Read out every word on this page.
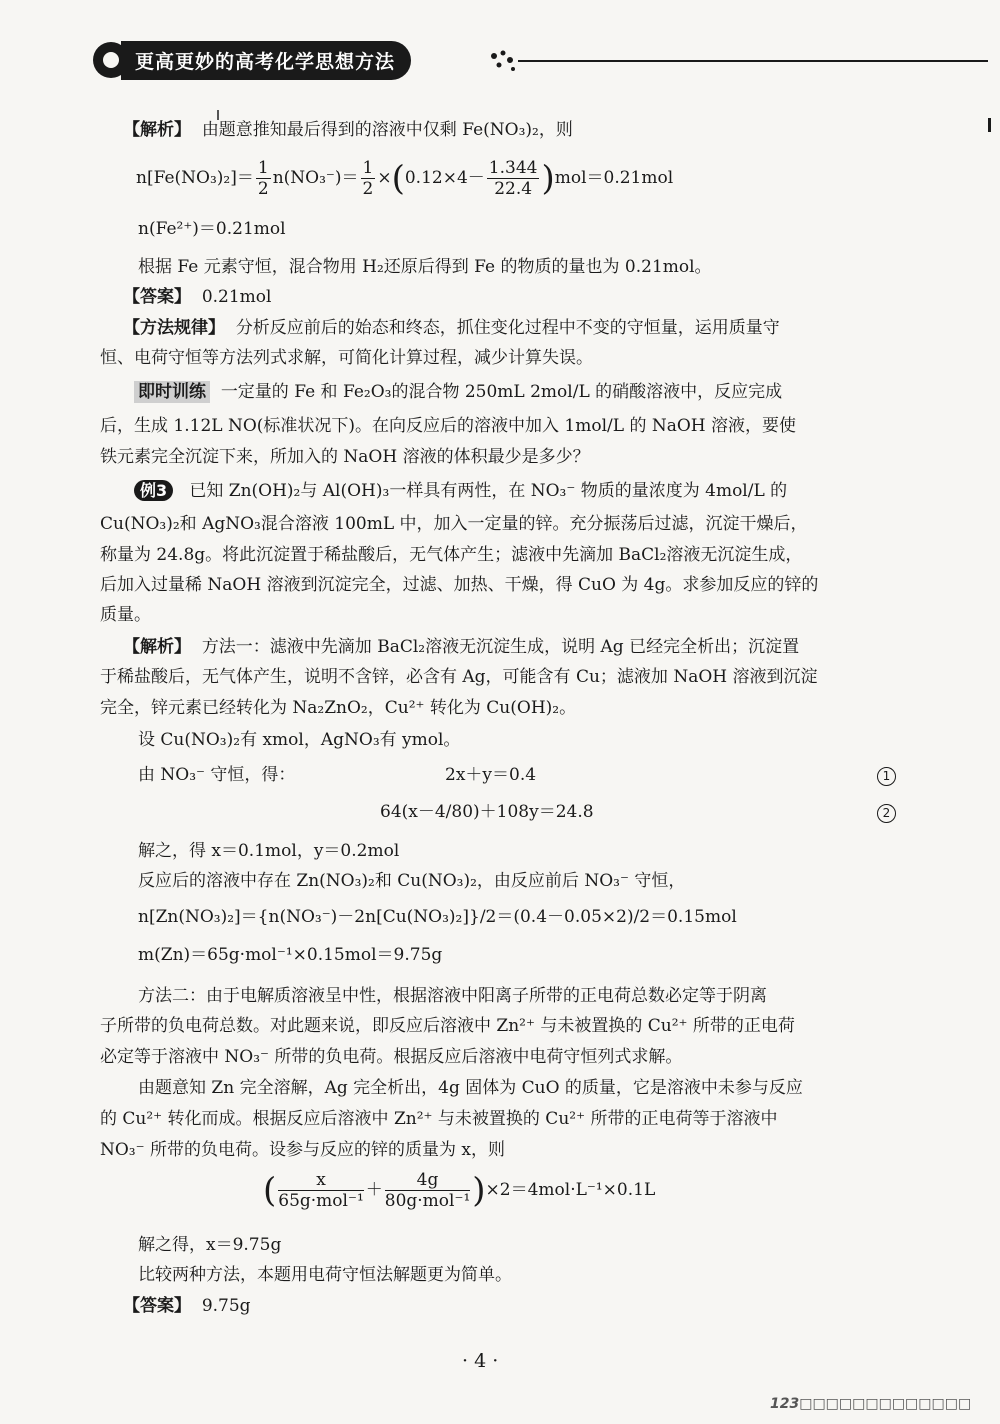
更高更妙的高考化学思想方法
【解析】 由题意推知最后得到的溶液中仅剩 Fe(NO₃)₂，则
$n[Fe(NO_3)_2]= \frac{1}{2} n(NO_3^-)= \frac{1}{2} \times(0.12\times 4- \frac{1.344}{22.4} )mol=0.21mol$
n(Fe²⁺)＝0.21mol
根据 Fe 元素守恒，混合物用 H₂还原后得到 Fe 的物质的量也为 0.21mol。
【答案】 0.21mol
【方法规律】 分析反应前后的始态和终态，抓住变化过程中不变的守恒量，运用质量守
恒、电荷守恒等方法列式求解，可简化计算过程，减少计算失误。
即时训练 一定量的 Fe 和 Fe₂O₃的混合物 250mL 2mol/L 的硝酸溶液中，反应完成
后，生成 1.12L NO(标准状况下)。在向反应后的溶液中加入 1mol/L 的 NaOH 溶液，要使
铁元素完全沉淀下来，所加入的 NaOH 溶液的体积最少是多少？
例3 已知 Zn(OH)₂与 Al(OH)₃一样具有两性，在 NO₃⁻ 物质的量浓度为 4mol/L 的
Cu(NO₃)₂和 AgNO₃混合溶液 100mL 中，加入一定量的锌。充分振荡后过滤，沉淀干燥后，
称量为 24.8g。将此沉淀置于稀盐酸后，无气体产生；滤液中先滴加 BaCl₂溶液无沉淀生成，
后加入过量稀 NaOH 溶液到沉淀完全，过滤、加热、干燥，得 CuO 为 4g。求参加反应的锌的
质量。
【解析】 方法一：滤液中先滴加 BaCl₂溶液无沉淀生成，说明 Ag 已经完全析出；沉淀置
于稀盐酸后，无气体产生，说明不含锌，必含有 Ag，可能含有 Cu；滤液加 NaOH 溶液到沉淀
完全，锌元素已经转化为 Na₂ZnO₂，Cu²⁺ 转化为 Cu(OH)₂。
设 Cu(NO₃)₂有 xmol，AgNO₃有 ymol。
由 NO₃⁻ 守恒，得：	2x＋y＝0.4	1
64(x－4/80)＋108y＝24.8	2
解之，得 x＝0.1mol，y＝0.2mol
反应后的溶液中存在 Zn(NO₃)₂和 Cu(NO₃)₂，由反应前后 NO₃⁻ 守恒，
n[Zn(NO₃)₂]＝{n(NO₃⁻)－2n[Cu(NO₃)₂]}/2＝(0.4－0.05×2)/2＝0.15mol
m(Zn)＝65g·mol⁻¹×0.15mol＝9.75g
方法二：由于电解质溶液呈中性，根据溶液中阳离子所带的正电荷总数必定等于阴离
子所带的负电荷总数。对此题来说，即反应后溶液中 Zn²⁺ 与未被置换的 Cu²⁺ 所带的正电荷
必定等于溶液中 NO₃⁻ 所带的负电荷。根据反应后溶液中电荷守恒列式求解。
由题意知 Zn 完全溶解，Ag 完全析出，4g 固体为 CuO 的质量，它是溶液中未参与反应
的 Cu²⁺ 转化而成。根据反应后溶液中 Zn²⁺ 与未被置换的 Cu²⁺ 所带的正电荷等于溶液中
NO₃⁻ 所带的负电荷。设参与反应的锌的质量为 x，则
( $\frac{x}{\text{65g·mol⁻¹}} + \frac{4g}{\text{80g·mol⁻¹}} )\times 2=4mol\cdot L^{-1}\times 0.1L$
解之得，x＝9.75g
比较两种方法，本题用电荷守恒法解题更为简单。
【答案】 9.75g
· 4 ·
123□□□□□□□□□□□□□
